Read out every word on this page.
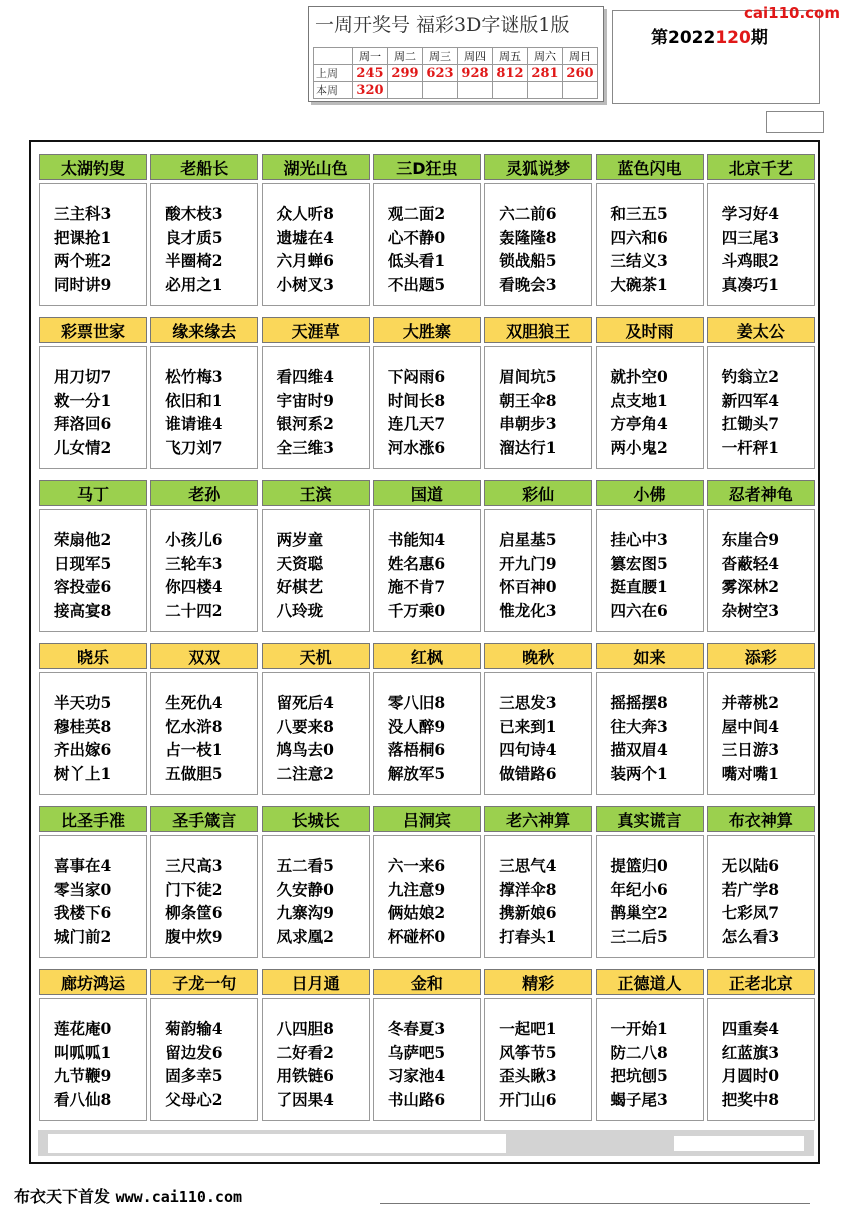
一周开奖号 福彩3D字谜版1版
	周一	周二	周三	周四	周五	周六	周日
上周	245	299	623	928	812	281	260
本周	320						
第2022120期
cai110.com
太湖钓叟
三主科3
把课抢1
两个班2
同时讲9
老船长
酸木枝3
良才质5
半圈椅2
必用之1
湖光山色
众人听8
遗墟在4
六月蝉6
小树叉3
三D狂虫
观二面2
心不静0
低头看1
不出题5
灵狐说梦
六二前6
轰隆隆8
锁战船5
看晚会3
蓝色闪电
和三五5
四六和6
三结义3
大碗茶1
北京千艺
学习好4
四三尾3
斗鸡眼2
真凑巧1
彩票世家
用刀切7
救一分1
拜洛回6
儿女情2
缘来缘去
松竹梅3
依旧和1
谁请谁4
飞刀刘7
天涯草
看四维4
宇宙时9
银河系2
全三维3
大胜寨
下闷雨6
时间长8
连几天7
河水涨6
双胆狼王
眉间坑5
朝王伞8
串朝步3
溜达行1
及时雨
就扑空0
点支地1
方亭角4
两小鬼2
姜太公
钓翁立2
新四军4
扛锄头7
一杆秤1
马丁
荣扇他2
日现军5
容投壶6
接高宴8
老孙
小孩儿6
三轮车3
你四楼4
二十四2
王滨
两岁童
天资聪
好棋艺
八玲珑
国道
书能知4
姓名惠6
施不肯7
千万乘0
彩仙
启星基5
开九门9
怀百神0
惟龙化3
小佛
挂心中3
篡宏图5
挺直腰1
四六在6
忍者神龟
东崖合9
沓蔽轻4
雾深林2
杂树空3
晓乐
半天功5
穆桂英8
齐出嫁6
树丫上1
双双
生死仇4
忆水浒8
占一枝1
五做胆5
天机
留死后4
八要来8
鸠鸟去0
二注意2
红枫
零八旧8
没人醉9
落梧桐6
解放军5
晚秋
三思发3
已来到1
四句诗4
做错路6
如来
摇摇摆8
往大奔3
描双眉4
装两个1
添彩
并蒂桃2
屋中间4
三日游3
嘴对嘴1
比圣手准
喜事在4
零当家0
我楼下6
城门前2
圣手箴言
三尺高3
门下徒2
柳条筐6
腹中炊9
长城长
五二看5
久安静0
九寨沟9
凤求凰2
吕洞宾
六一来6
九注意9
俩姑娘2
杯碰杯0
老六神算
三思气4
撑洋伞8
携新娘6
打春头1
真实谎言
提篮归0
年纪小6
鹊巢空2
三二后5
布衣神算
无以陆6
若广学8
七彩凤7
怎么看3
廊坊鸿运
莲花庵0
叫呱呱1
九节鞭9
看八仙8
子龙一句
菊韵输4
留边发6
固多幸5
父母心2
日月通
八四胆8
二好看2
用铁链6
了因果4
金和
冬春夏3
乌萨吧5
习家池4
书山路6
精彩
一起吧1
风筝节5
歪头瞅3
开门山6
正德道人
一开始1
防二八8
把坑刨5
蝎子尾3
正老北京
四重奏4
红蓝旗3
月圆时0
把奖中8
布衣天下首发 www.cai110.com
